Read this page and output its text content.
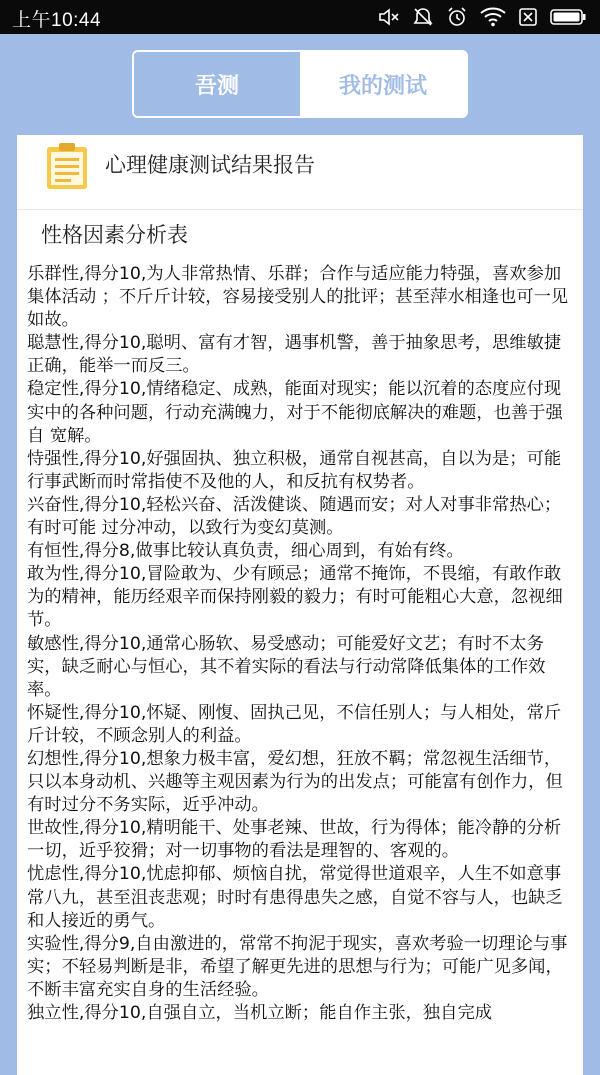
上午10:44
吾测	我的测试
心理健康测试结果报告
性格因素分析表
乐群性,得分10,为人非常热情、乐群；合作与适应能力特强，喜欢参加集体活动 ；不斤斤计较，容易接受别人的批评；甚至萍水相逢也可一见如故。
聪慧性,得分10,聪明、富有才智，遇事机警，善于抽象思考，思维敏捷正确，能举一而反三。
稳定性,得分10,情绪稳定、成熟，能面对现实；能以沉着的态度应付现实中的各种问题，行动充满魄力，对于不能彻底解决的难题，也善于强自 宽解。
恃强性,得分10,好强固执、独立积极，通常自视甚高，自以为是；可能行事武断而时常指使不及他的人，和反抗有权势者。
兴奋性,得分10,轻松兴奋、活泼健谈、随遇而安；对人对事非常热心；有时可能 过分冲动，以致行为变幻莫测。
有恒性,得分8,做事比较认真负责，细心周到，有始有终。
敢为性,得分10,冒险敢为、少有顾忌；通常不掩饰，不畏缩，有敢作敢为的精神，能历经艰辛而保持刚毅的毅力；有时可能粗心大意，忽视细节。
敏感性,得分10,通常心肠软、易受感动；可能爱好文艺；有时不太务实，缺乏耐心与恒心，其不着实际的看法与行动常降低集体的工作效率。
怀疑性,得分10,怀疑、刚愎、固执己见，不信任别人；与人相处，常斤斤计较，不顾念别人的利益。
幻想性,得分10,想象力极丰富，爱幻想，狂放不羁；常忽视生活细节，只以本身动机、兴趣等主观因素为行为的出发点；可能富有创作力，但有时过分不务实际，近乎冲动。
世故性,得分10,精明能干、处事老辣、世故，行为得体；能冷静的分析一切，近乎狡猾；对一切事物的看法是理智的、客观的。
忧虑性,得分10,忧虑抑郁、烦恼自扰，常觉得世道艰辛，人生不如意事常八九，甚至沮丧悲观；时时有患得患失之感，自觉不容与人，也缺乏和人接近的勇气。
实验性,得分9,自由激进的，常常不拘泥于现实，喜欢考验一切理论与事实；不轻易判断是非，希望了解更先进的思想与行为；可能广见多闻，不断丰富充实自身的生活经验。
独立性,得分10,自强自立，当机立断；能自作主张，独自完成
